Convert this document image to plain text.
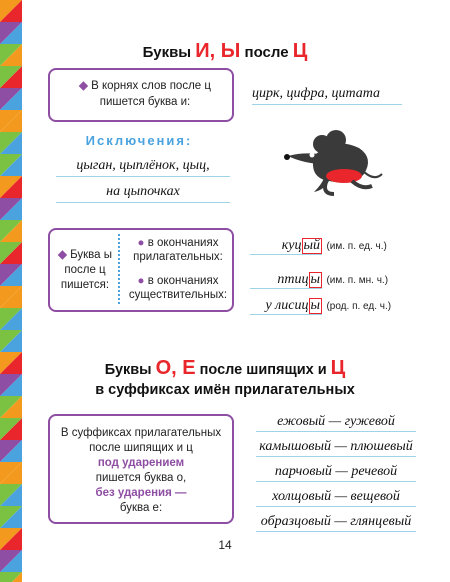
Буквы И, Ы после Ц
◆ В корнях слов после ц
пишется буква и:
цирк, цифра, цитата
Исключения:
цыган, цыплёнок, цыц,
на цыпочках
◆ Буква ы
после ц
пишется:
● в окончаниях
прилагательных:
● в окончаниях
существительных:
куц ый (им. п. ед. ч.)
птиц ы (им. п. мн. ч.)
у лисиц ы (род. п. ед. ч.)
Буквы О, Е после шипящих и Ц
в суффиксах имён прилагательных
В суффиксах прилагательных
после шипящих и ц
под ударением
пишется буква о,
без ударения —
буква е:
ежовый — гужевой
камышовый — плюшевый
парчовый — речевой
холщовый — вещевой
образцовый — глянцевый
14
